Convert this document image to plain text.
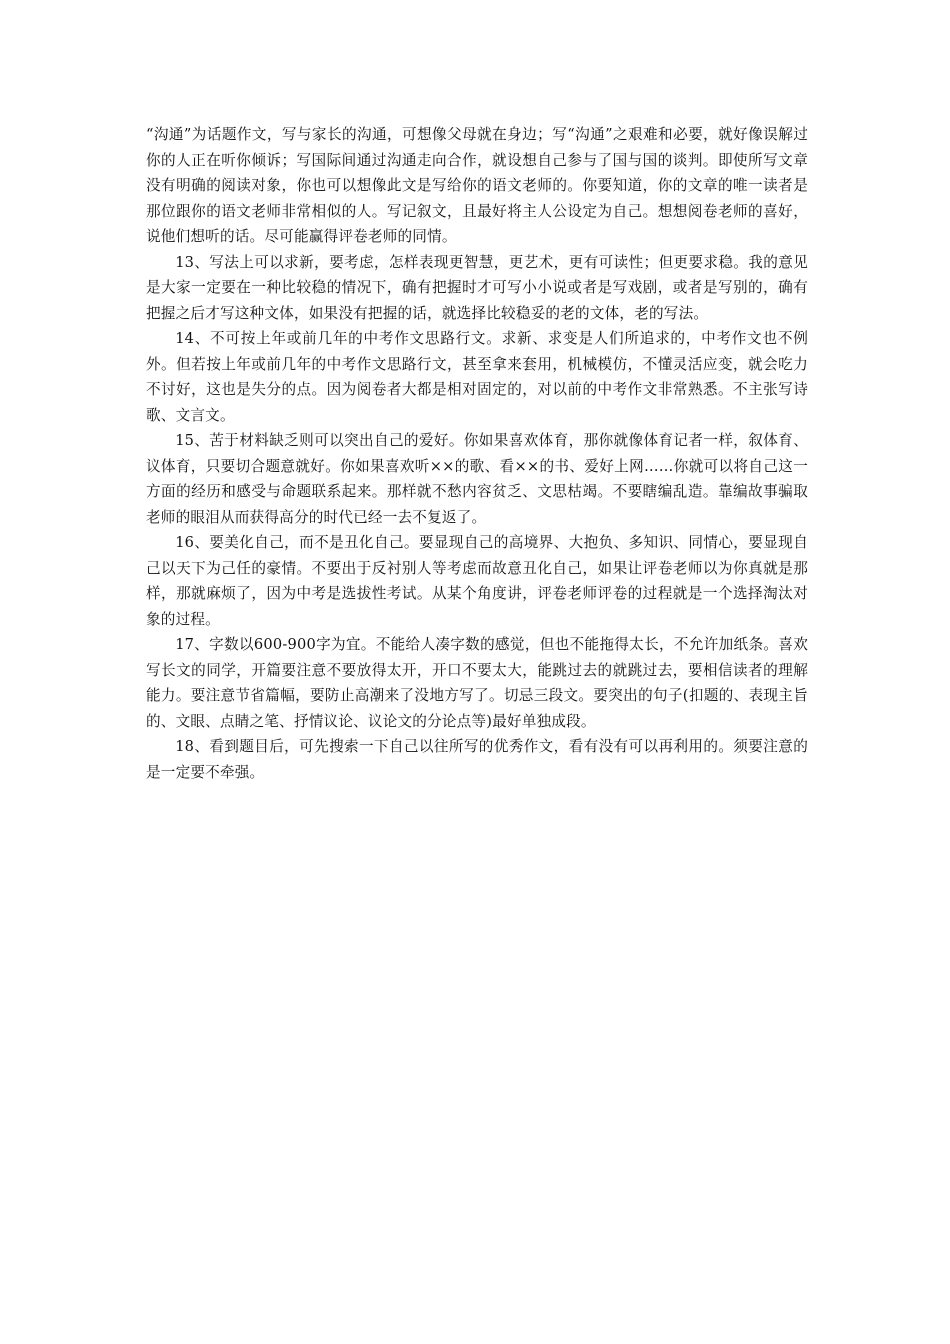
“沟通”为话题作文，写与家长的沟通，可想像父母就在身边；写“沟通”之艰难和必要，就好像误解过你的人正在听你倾诉；写国际间通过沟通走向合作，就设想自己参与了国与国的谈判。即使所写文章没有明确的阅读对象，你也可以想像此文是写给你的语文老师的。你要知道，你的文章的唯一读者是那位跟你的语文老师非常相似的人。写记叙文，且最好将主人公设定为自己。想想阅卷老师的喜好，说他们想听的话。尽可能赢得评卷老师的同情。

13、写法上可以求新，要考虑，怎样表现更智慧，更艺术，更有可读性；但更要求稳。我的意见是大家一定要在一种比较稳的情况下，确有把握时才可写小小说或者是写戏剧，或者是写别的，确有把握之后才写这种文体，如果没有把握的话，就选择比较稳妥的老的文体，老的写法。

14、不可按上年或前几年的中考作文思路行文。求新、求变是人们所追求的，中考作文也不例外。但若按上年或前几年的中考作文思路行文，甚至拿来套用，机械模仿，不懂灵活应变，就会吃力不讨好，这也是失分的点。因为阅卷者大都是相对固定的，对以前的中考作文非常熟悉。不主张写诗歌、文言文。

15、苦于材料缺乏则可以突出自己的爱好。你如果喜欢体育，那你就像体育记者一样，叙体育、议体育，只要切合题意就好。你如果喜欢听××的歌、看××的书、爱好上网……你就可以将自己这一方面的经历和感受与命题联系起来。那样就不愁内容贫乏、文思枯竭。不要瞎编乱造。靠编故事骗取老师的眼泪从而获得高分的时代已经一去不复返了。

16、要美化自己，而不是丑化自己。要显现自己的高境界、大抱负、多知识、同情心，要显现自己以天下为己任的豪情。不要出于反衬别人等考虑而故意丑化自己，如果让评卷老师以为你真就是那样，那就麻烦了，因为中考是选拔性考试。从某个角度讲，评卷老师评卷的过程就是一个选择淘汰对象的过程。

17、字数以600-900字为宜。不能给人凑字数的感觉，但也不能拖得太长，不允许加纸条。喜欢写长文的同学，开篇要注意不要放得太开，开口不要太大，能跳过去的就跳过去，要相信读者的理解能力。要注意节省篇幅，要防止高潮来了没地方写了。切忌三段文。要突出的句子(扣题的、表现主旨的、文眼、点睛之笔、抒情议论、议论文的分论点等)最好单独成段。

18、看到题目后，可先搜索一下自己以往所写的优秀作文，看有没有可以再利用的。须要注意的是一定要不牵强。
